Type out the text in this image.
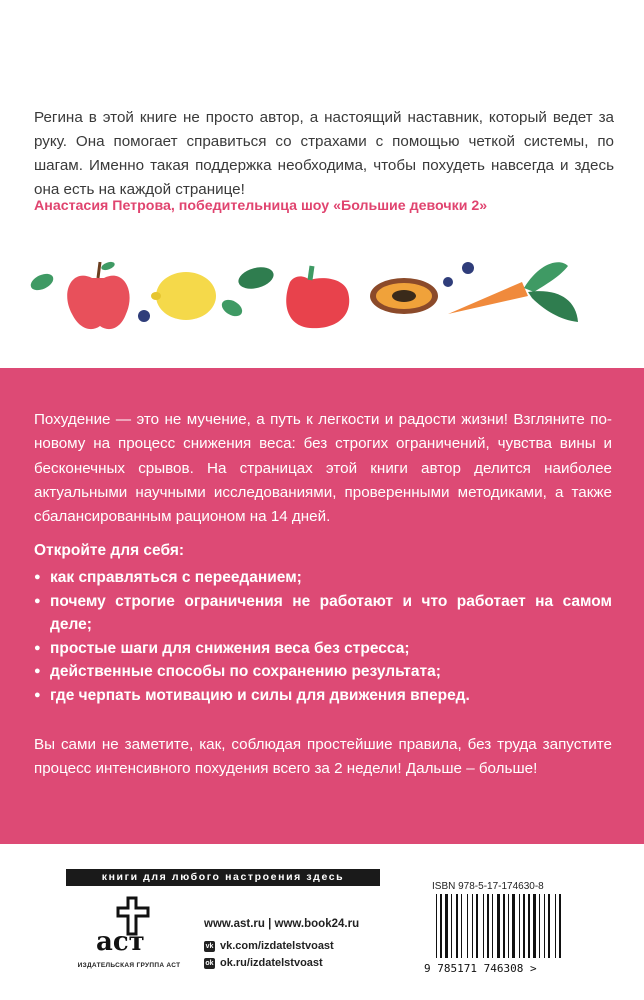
Регина в этой книге не просто автор, а настоящий наставник, который ведет за руку. Она помогает справиться со страхами с помощью четкой системы, по шагам. Именно такая поддержка необходима, чтобы похудеть навсегда и здесь она есть на каждой странице!

Анастасия Петрова, победительница шоу «Большие девочки 2»
Похудение — это не мучение, а путь к легкости и радости жизни! Взгляните по-новому на процесс снижения веса: без строгих ограничений, чувства вины и бесконечных срывов. На страницах этой книги автор делится наиболее актуальными научными исследованиями, проверенными методиками, а также сбалансированным рационом на 14 дней.
Откройте для себя:
● как справляться с перееданием;
● почему строгие ограничения не работают и что работает на самом деле;
● простые шаги для снижения веса без стресса;
● действенные способы по сохранению результата;
● где черпать мотивацию и силы для движения вперед.
Вы сами не заметите, как, соблюдая простейшие правила, без труда запустите процесс интенсивного похудения всего за 2 недели! Дальше – больше!
книги для любого настроения здесь
аст
ИЗДАТЕЛЬСКАЯ ГРУППА АСТ
www.ast.ru | www.book24.ru
vk vk.com/izdatelstvoast
ok ok.ru/izdatelstvoast
ISBN 978-5-17-174630-8
9 785171 746308 >
